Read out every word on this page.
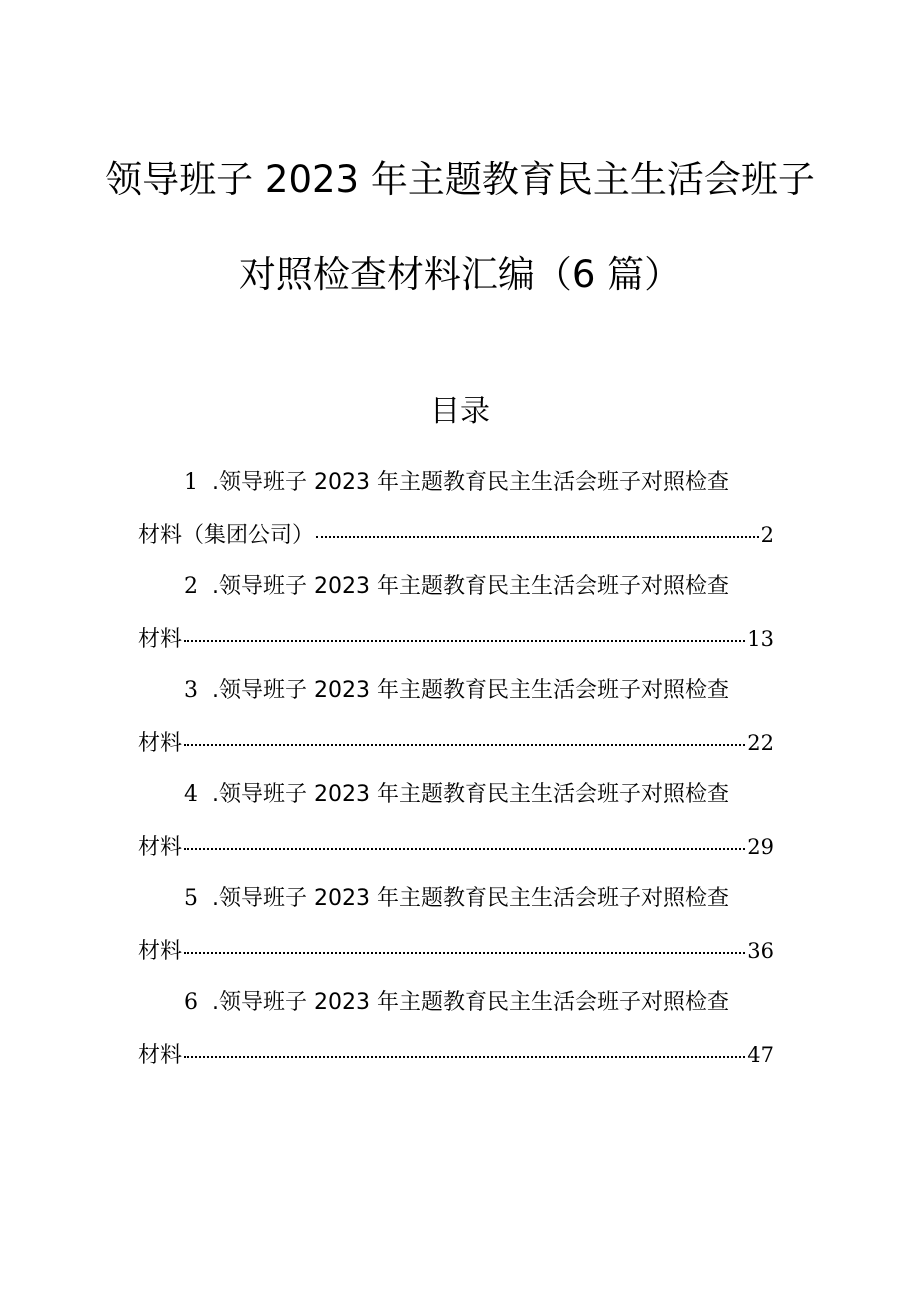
领导班子 2023 年主题教育民主生活会班子
对照检查材料汇编（6 篇）
目录
1 .领导班子 2023 年主题教育民主生活会班子对照检查
材料（集团公司）	2
2 .领导班子 2023 年主题教育民主生活会班子对照检查
材料	13
3 .领导班子 2023 年主题教育民主生活会班子对照检查
材料	22
4 .领导班子 2023 年主题教育民主生活会班子对照检查
材料	29
5 .领导班子 2023 年主题教育民主生活会班子对照检查
材料	36
6 .领导班子 2023 年主题教育民主生活会班子对照检查
材料	47
